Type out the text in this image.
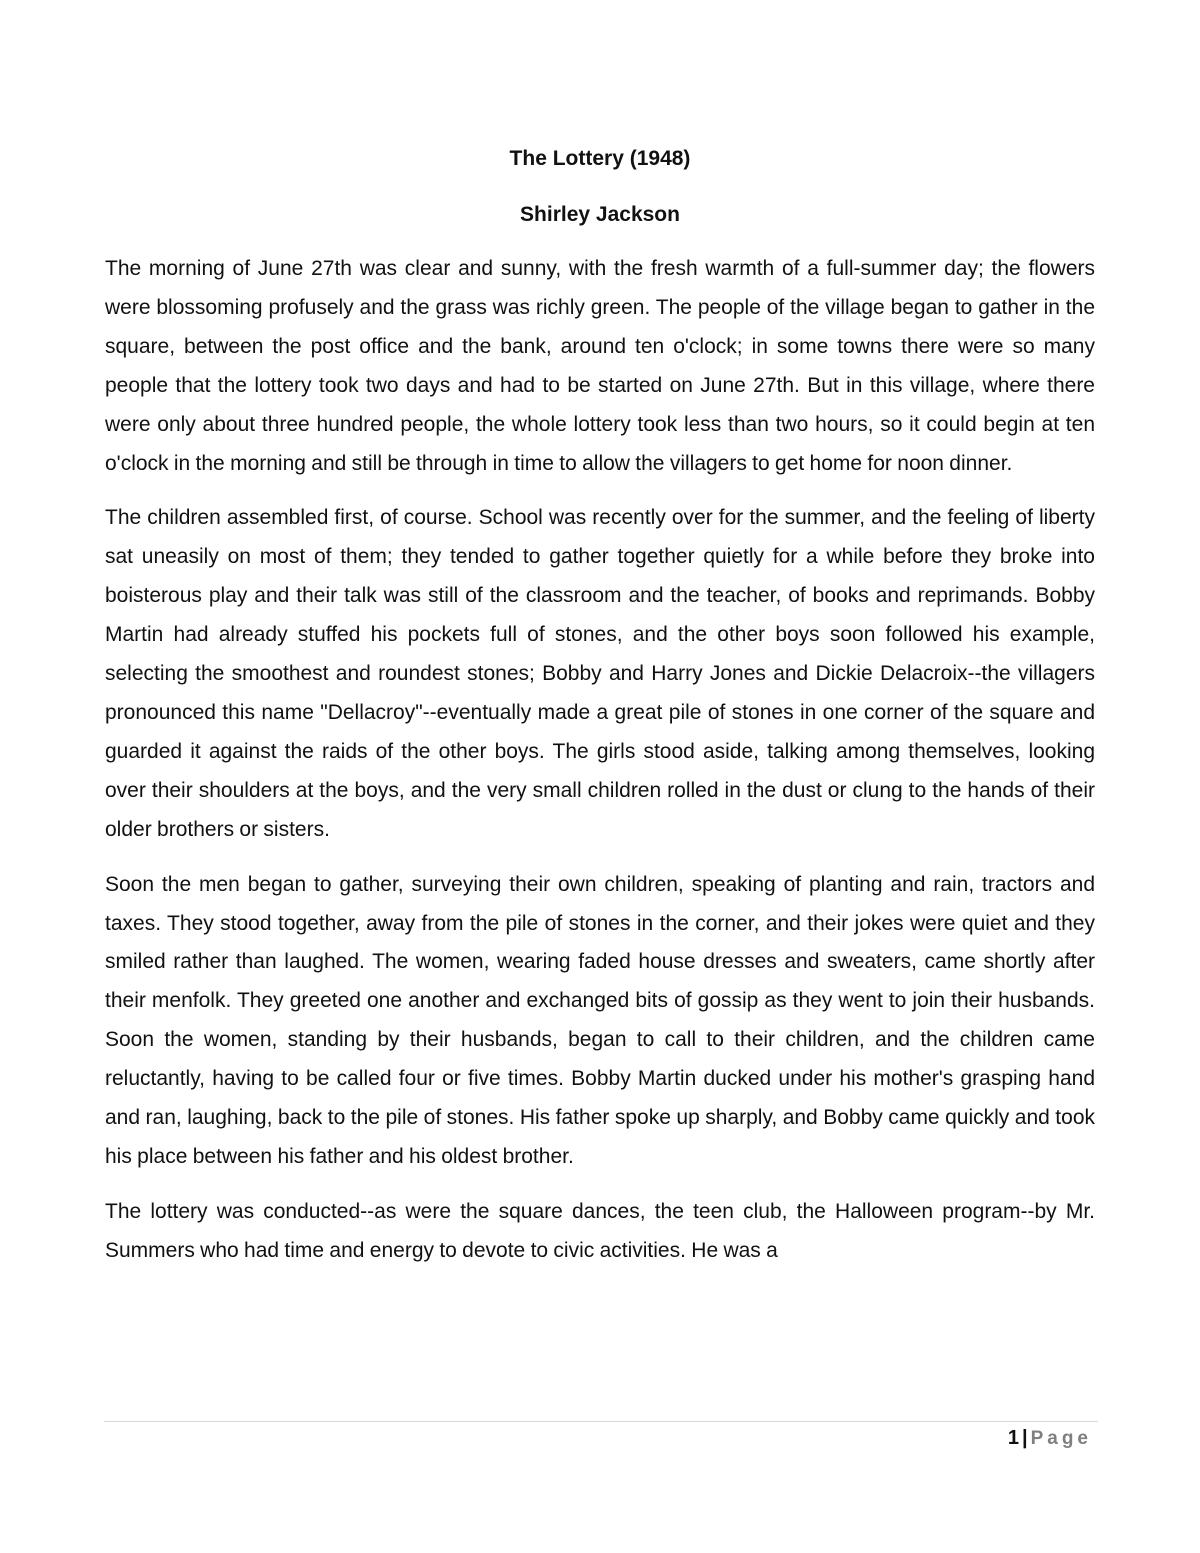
The Lottery (1948)
Shirley Jackson

The morning of June 27th was clear and sunny, with the fresh warmth of a full-summer day; the flowers were blossoming profusely and the grass was richly green. The people of the village began to gather in the square, between the post office and the bank, around ten o'clock; in some towns there were so many people that the lottery took two days and had to be started on June 27th. But in this village, where there were only about three hundred people, the whole lottery took less than two hours, so it could begin at ten o'clock in the morning and still be through in time to allow the villagers to get home for noon dinner.

The children assembled first, of course. School was recently over for the summer, and the feeling of liberty sat uneasily on most of them; they tended to gather together quietly for a while before they broke into boisterous play and their talk was still of the classroom and the teacher, of books and reprimands. Bobby Martin had already stuffed his pockets full of stones, and the other boys soon followed his example, selecting the smoothest and roundest stones; Bobby and Harry Jones and Dickie Delacroix--the villagers pronounced this name "Dellacroy"--eventually made a great pile of stones in one corner of the square and guarded it against the raids of the other boys. The girls stood aside, talking among themselves, looking over their shoulders at the boys, and the very small children rolled in the dust or clung to the hands of their older brothers or sisters.

Soon the men began to gather, surveying their own children, speaking of planting and rain, tractors and taxes. They stood together, away from the pile of stones in the corner, and their jokes were quiet and they smiled rather than laughed. The women, wearing faded house dresses and sweaters, came shortly after their menfolk. They greeted one another and exchanged bits of gossip as they went to join their husbands. Soon the women, standing by their husbands, began to call to their children, and the children came reluctantly, having to be called four or five times. Bobby Martin ducked under his mother's grasping hand and ran, laughing, back to the pile of stones. His father spoke up sharply, and Bobby came quickly and took his place between his father and his oldest brother.

The lottery was conducted--as were the square dances, the teen club, the Halloween program--by Mr. Summers who had time and energy to devote to civic activities. He was a

1 | Page
